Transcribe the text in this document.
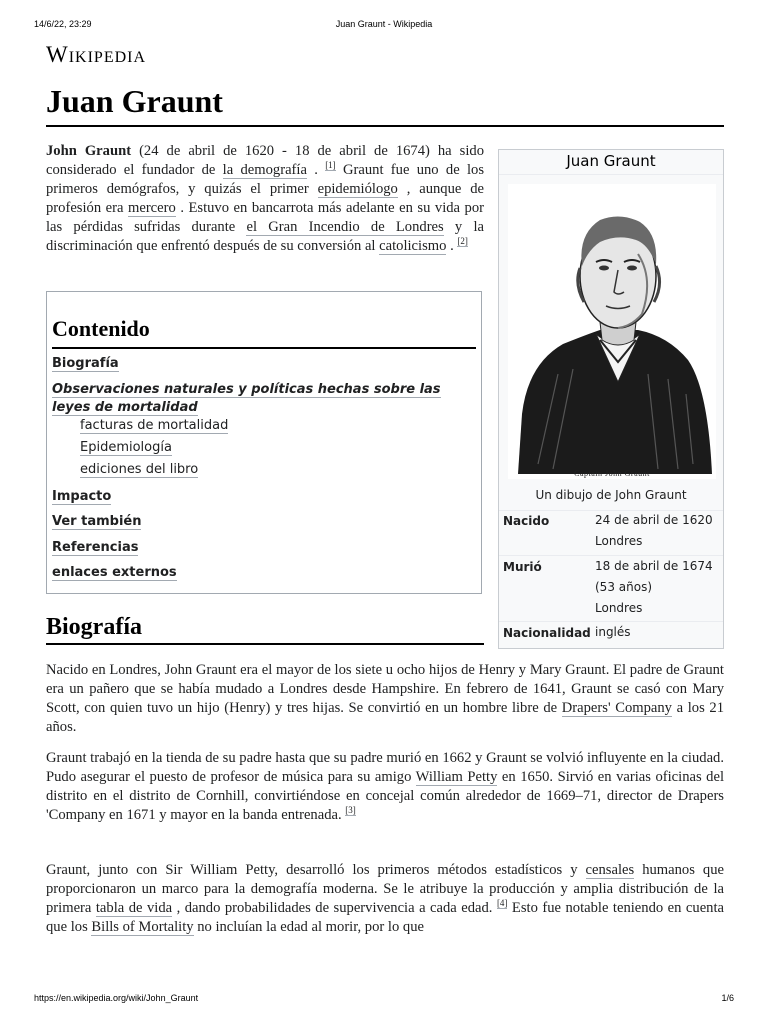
14/6/22, 23:29	Juan Graunt - Wikipedia
Wikipedia
Juan Graunt

John Graunt (24 de abril de 1620 - 18 de abril de 1674) ha sido considerado el fundador de la demografía . [1] Graunt fue uno de los primeros demógrafos, y quizás el primer epidemiólogo , aunque de profesión era mercero . Estuvo en bancarrota más adelante en su vida por las pérdidas sufridas durante el Gran Incendio de Londres y la discriminación que enfrentó después de su conversión al catolicismo . [2]

Contenido
Biografía
Observaciones naturales y políticas hechas sobre las leyes de mortalidad
facturas de mortalidad
Epidemiología
ediciones del libro
Impacto
Ver también
Referencias
enlaces externos
Juan Graunt
Captain John Graunt
Un dibujo de John Graunt
Nacido	24 de abril de 1620
Londres
Murió	18 de abril de 1674
(53 años)
Londres
Nacionalidad inglés
Biografía

Nacido en Londres, John Graunt era el mayor de los siete u ocho hijos de Henry y Mary Graunt. El padre de Graunt era un pañero que se había mudado a Londres desde Hampshire. En febrero de 1641, Graunt se casó con Mary Scott, con quien tuvo un hijo (Henry) y tres hijas. Se convirtió en un hombre libre de Drapers' Company a los 21 años.

Graunt trabajó en la tienda de su padre hasta que su padre murió en 1662 y Graunt se volvió influyente en la ciudad. Pudo asegurar el puesto de profesor de música para su amigo William Petty en 1650. Sirvió en varias oficinas del distrito en el distrito de Cornhill, convirtiéndose en concejal común alrededor de 1669–71, director de Drapers 'Company en 1671 y mayor en la banda entrenada. [3]

Graunt, junto con Sir William Petty, desarrolló los primeros métodos estadísticos y censales humanos que proporcionaron un marco para la demografía moderna. Se le atribuye la producción y amplia distribución de la primera tabla de vida , dando probabilidades de supervivencia a cada edad. [4] Esto fue notable teniendo en cuenta que los Bills of Mortality no incluían la edad al morir, por lo que

https://en.wikipedia.org/wiki/John_Graunt	1/6
